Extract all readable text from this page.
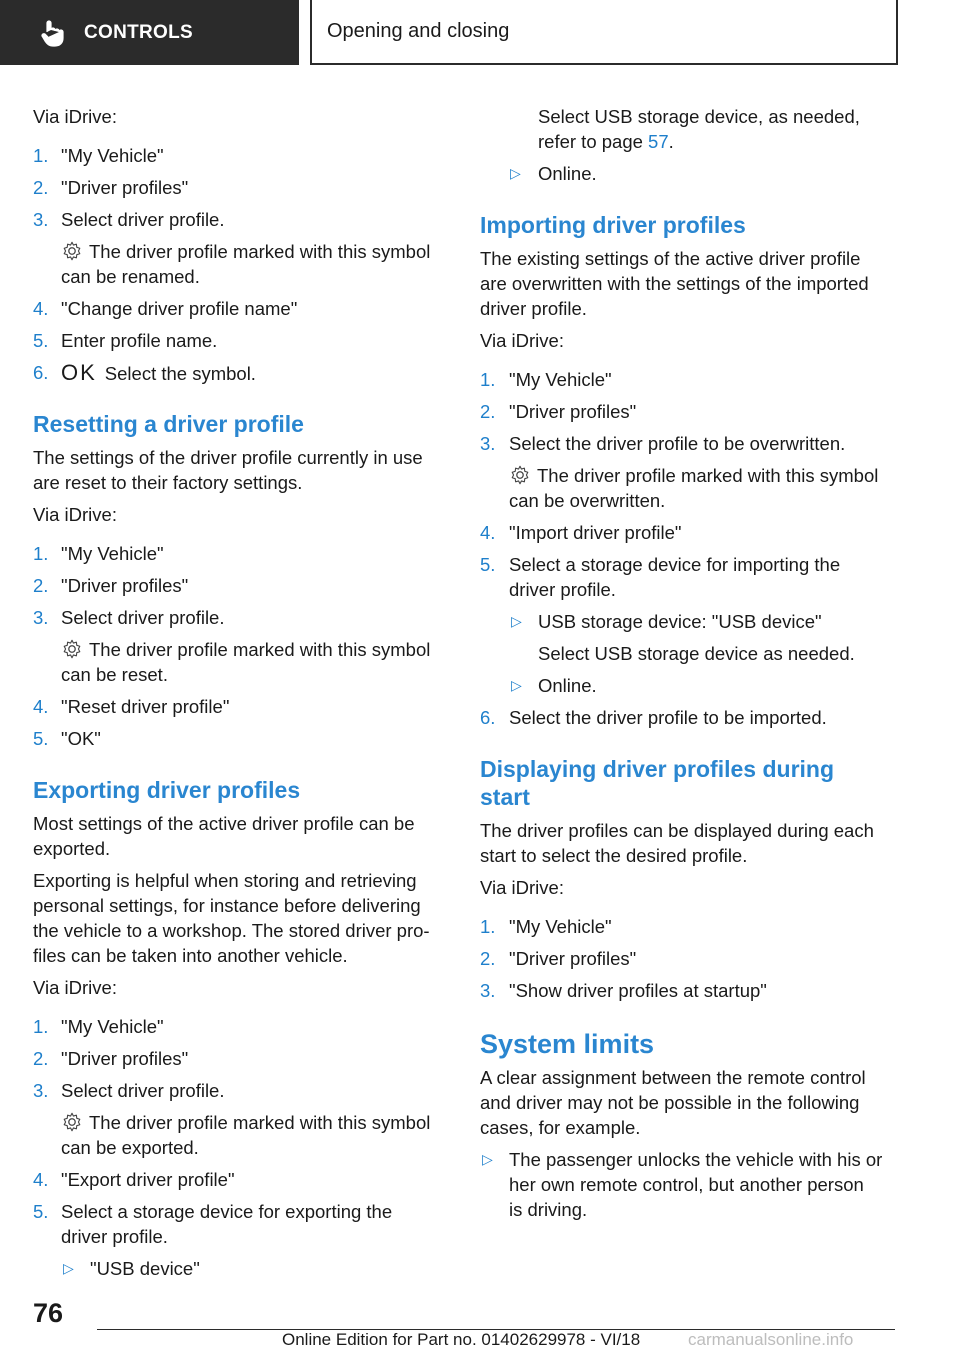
CONTROLS	Opening and closing

Via iDrive:

1. "My Vehicle"

2. "Driver profiles"

3. Select driver profile.

The driver profile marked with this symbol

can be renamed.

4. "Change driver profile name"

5. Enter profile name.

6. OK Select the symbol.

Resetting a driver profile

The settings of the driver profile currently in use

are reset to their factory settings.

Via iDrive:

1. "My Vehicle"

2. "Driver profiles"

3. Select driver profile.

The driver profile marked with this symbol

can be reset.

4. "Reset driver profile"

5. "OK"

Exporting driver profiles

Most settings of the active driver profile can be

exported.

Exporting is helpful when storing and retrieving

personal settings, for instance before delivering

the vehicle to a workshop. The stored driver pro‐

files can be taken into another vehicle.

Via iDrive:

1. "My Vehicle"

2. "Driver profiles"

3. Select driver profile.

The driver profile marked with this symbol

can be exported.

4. "Export driver profile"

5. Select a storage device for exporting the

driver profile.

▷ "USB device"

Select USB storage device, as needed,

refer to page 57.

▷ Online.

Importing driver profiles

The existing settings of the active driver profile

are overwritten with the settings of the imported

driver profile.

Via iDrive:

1. "My Vehicle"

2. "Driver profiles"

3. Select the driver profile to be overwritten.

The driver profile marked with this symbol

can be overwritten.

4. "Import driver profile"

5. Select a storage device for importing the

driver profile.

▷ USB storage device: "USB device"

Select USB storage device as needed.

▷ Online.

6. Select the driver profile to be imported.

Displaying driver profiles during
start

The driver profiles can be displayed during each

start to select the desired profile.

Via iDrive:

1. "My Vehicle"

2. "Driver profiles"

3. "Show driver profiles at startup"

System limits

A clear assignment between the remote control

and driver may not be possible in the following

cases, for example.

▷ The passenger unlocks the vehicle with his or

her own remote control, but another person

is driving.

76
Online Edition for Part no. 01402629978 - VI/18	carmanualsonline.info
